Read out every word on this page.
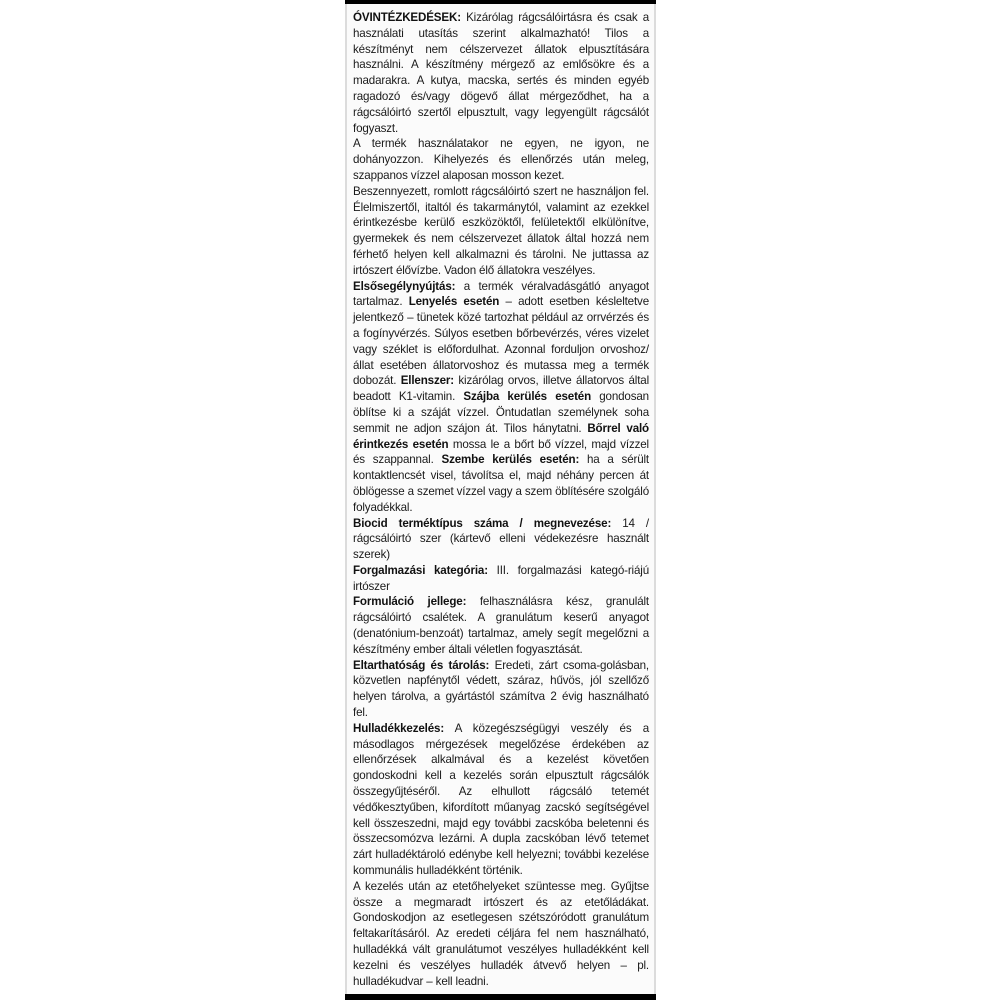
ÓVINTÉZKEDÉSEK: Kizárólag rágcsálóirtásra és csak a használati utasítás szerint alkalmazható! Tilos a készítményt nem célszervezet állatok elpusztítására használni. A készítmény mérgező az emlősökre és a madarakra. A kutya, macska, sertés és minden egyéb ragadozó és/vagy dögevő állat mérgeződhet, ha a rágcsálóirtó szertől elpusztult, vagy legyengült rágcsálót fogyaszt.

A termék használatakor ne egyen, ne igyon, ne dohányozzon. Kihelyezés és ellenőrzés után meleg, szappanos vízzel alaposan mosson kezet.

Beszennyezett, romlott rágcsálóirtó szert ne használjon fel. Élelmiszertől, italtól és takarmánytól, valamint az ezekkel érintkezésbe kerülő eszközöktől, felületektől elkülönítve, gyermekek és nem célszervezet állatok által hozzá nem férhető helyen kell alkalmazni és tárolni. Ne juttassa az irtószert élővízbe. Vadon élő állatokra veszélyes.

Elsősegélynyújtás: a termék véralvadásgátló anyagot tartalmaz. Lenyelés esetén – adott esetben késleltetve jelentkező – tünetek közé tartozhat például az orrvérzés és a fogínyvérzés. Súlyos esetben bőrbevérzés, véres vizelet vagy széklet is előfordulhat. Azonnal forduljon orvoshoz/ állat esetében állatorvoshoz és mutassa meg a termék dobozát. Ellenszer: kizárólag orvos, illetve állatorvos által beadott K1-vitamin. Szájba kerülés esetén gondosan öblítse ki a száját vízzel. Öntudatlan személynek soha semmit ne adjon szájon át. Tilos hánytatni. Bőrrel való érintkezés esetén mossa le a bőrt bő vízzel, majd vízzel és szappannal. Szembe kerülés esetén: ha a sérült kontaktlencsét visel, távolítsa el, majd néhány percen át öblögesse a szemet vízzel vagy a szem öblítésére szolgáló folyadékkal.

Biocid terméktípus száma / megnevezése: 14 / rágcsálóirtó szer (kártevő elleni védekezésre használt szerek)

Forgalmazási kategória: III. forgalmazási kategó-riájú irtószer

Formuláció jellege: felhasználásra kész, granulált rágcsálóirtó csalétek. A granulátum keserű anyagot (denatónium-benzoát) tartalmaz, amely segít megelőzni a készítmény ember általi véletlen fogyasztását.

Eltarthatóság és tárolás: Eredeti, zárt csoma-golásban, közvetlen napfénytől védett, száraz, hűvös, jól szellőző helyen tárolva, a gyártástól számítva 2 évig használható fel.

Hulladékkezelés: A közegészségügyi veszély és a másodlagos mérgezések megelőzése érdekében az ellenőrzések alkalmával és a kezelést követően gondoskodni kell a kezelés során elpusztult rágcsálók összegyűjtéséről. Az elhullott rágcsáló tetemét védőkesztyűben, kifordított műanyag zacskó segítségével kell összeszedni, majd egy további zacskóba beletenni és összecsomózva lezárni. A dupla zacskóban lévő tetemet zárt hulladéktároló edénybe kell helyezni; további kezelése kommunális hulladékként történik.

A kezelés után az etetőhelyeket szüntesse meg. Gyűjtse össze a megmaradt irtószert és az etetőládákat. Gondoskodjon az esetlegesen szétszóródott granulátum feltakarításáról. Az eredeti céljára fel nem használható, hulladékká vált granulátumot veszélyes hulladékként kell kezelni és veszélyes hulladék átvevő helyen – pl. hulladékudvar – kell leadni.
